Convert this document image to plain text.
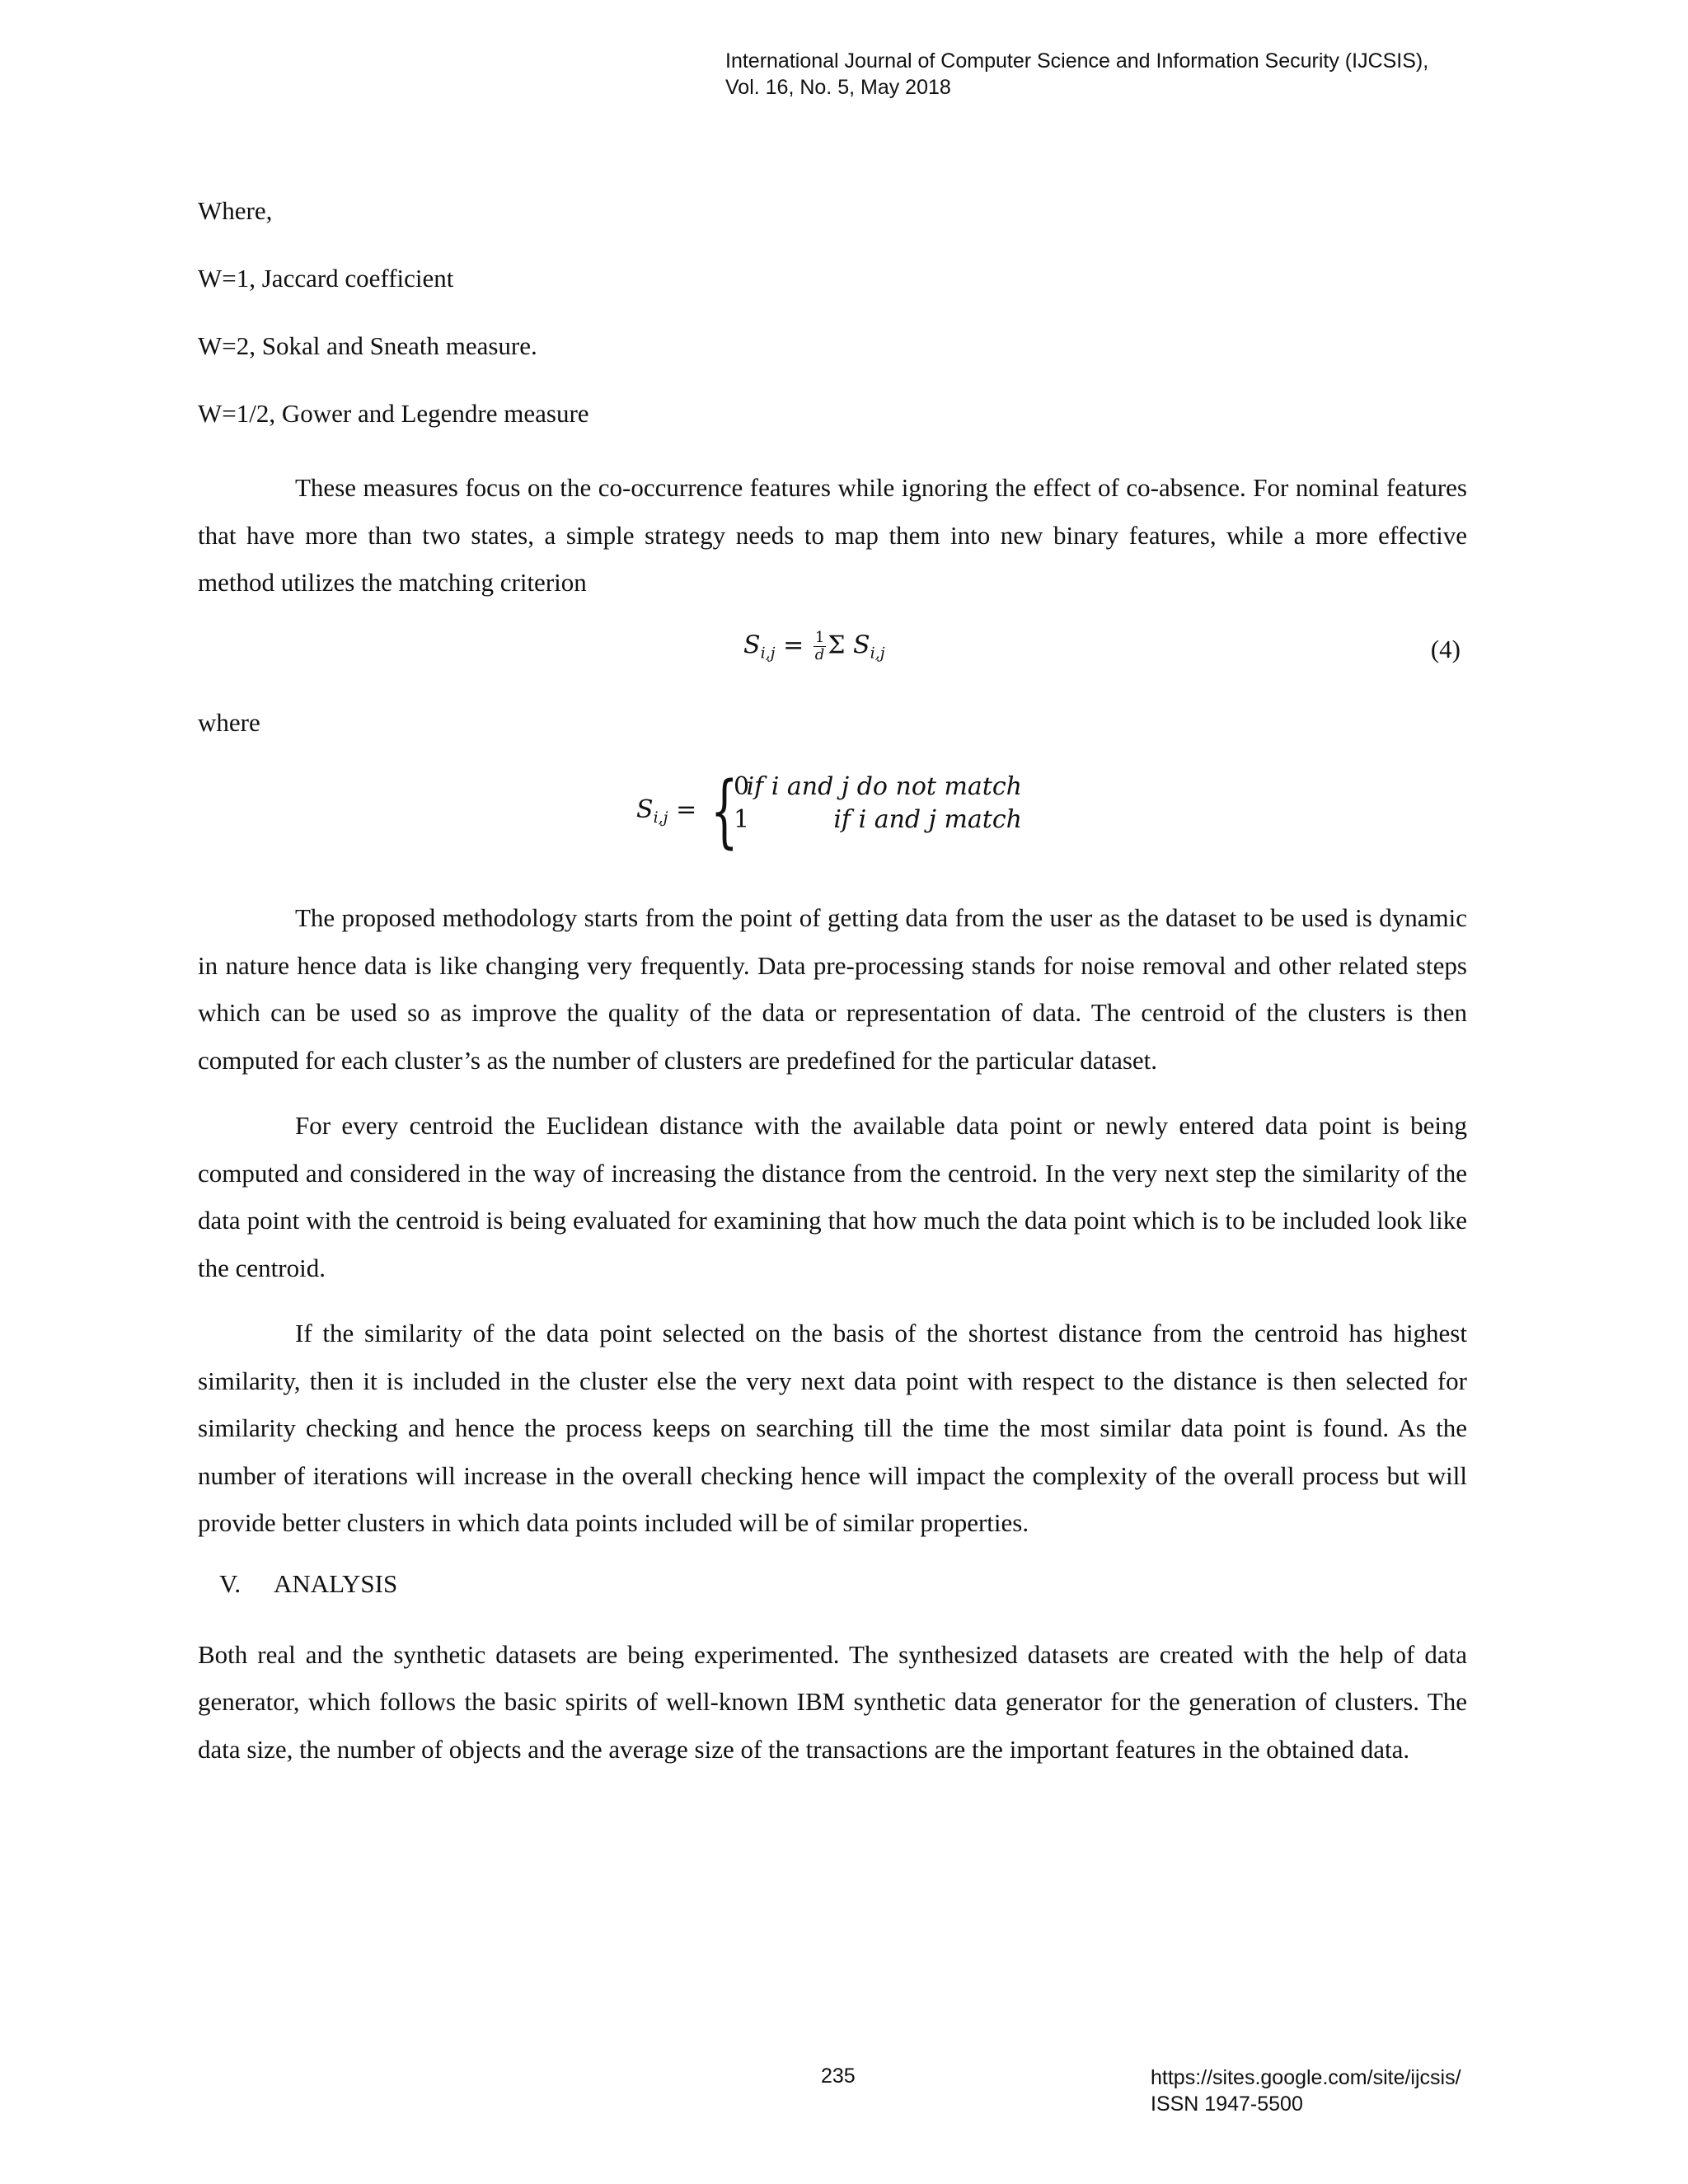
International Journal of Computer Science and Information Security (IJCSIS),
Vol. 16, No. 5, May 2018

Where,

W=1, Jaccard coefficient

W=2, Sokal and Sneath measure.

W=1/2, Gower and Legendre measure

These measures focus on the co-occurrence features while ignoring the effect of co-absence. For nominal features that have more than two states, a simple strategy needs to map them into new binary features, while a more effective method utilizes the matching criterion

$S_{i,j} = \frac{1}{d}$ Σ $S_{i,j}$	(4)

where

$S_{i,j}$ = {
0
if i and j do not match
1	if i and j match

The proposed methodology starts from the point of getting data from the user as the dataset to be used is dynamic in nature hence data is like changing very frequently. Data pre-processing stands for noise removal and other related steps which can be used so as improve the quality of the data or representation of data. The centroid of the clusters is then computed for each cluster’s as the number of clusters are predefined for the particular dataset.

For every centroid the Euclidean distance with the available data point or newly entered data point is being computed and considered in the way of increasing the distance from the centroid. In the very next step the similarity of the data point with the centroid is being evaluated for examining that how much the data point which is to be included look like the centroid.

If the similarity of the data point selected on the basis of the shortest distance from the centroid has highest similarity, then it is included in the cluster else the very next data point with respect to the distance is then selected for similarity checking and hence the process keeps on searching till the time the most similar data point is found. As the number of iterations will increase in the overall checking hence will impact the complexity of the overall process but will provide better clusters in which data points included will be of similar properties.

V. ANALYSIS

Both real and the synthetic datasets are being experimented. The synthesized datasets are created with the help of data generator, which follows the basic spirits of well-known IBM synthetic data generator for the generation of clusters. The data size, the number of objects and the average size of the transactions are the important features in the obtained data.

235	https://sites.google.com/site/ijcsis/
ISSN 1947-5500
